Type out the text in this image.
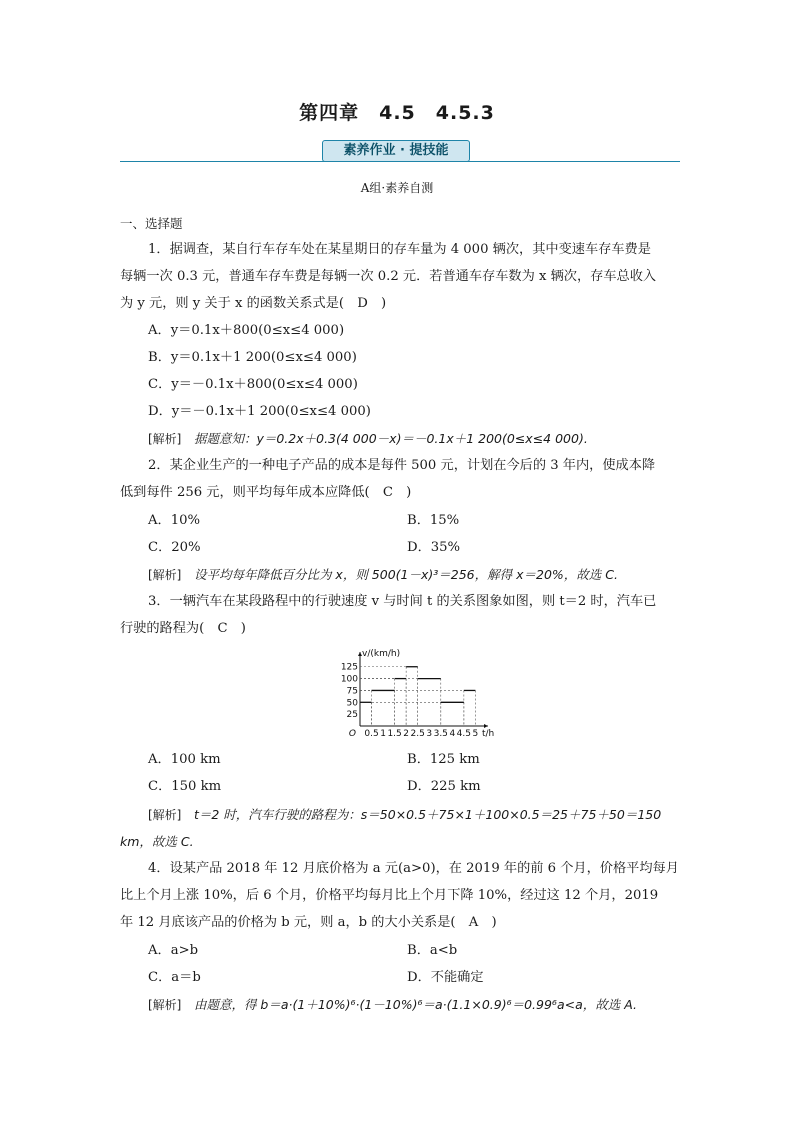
第四章　4.5　4.5.3
素养作业 · 提技能
A组·素养自测
一、选择题
1．据调查，某自行车存车处在某星期日的存车量为 4 000 辆次，其中变速车存车费是
每辆一次 0.3 元，普通车存车费是每辆一次 0.2 元．若普通车存车数为 x 辆次，存车总收入
为 y 元，则 y 关于 x 的函数关系式是(　D　)
A．y＝0.1x＋800(0≤x≤4 000)
B．y＝0.1x＋1 200(0≤x≤4 000)
C．y＝－0.1x＋800(0≤x≤4 000)
D．y＝－0.1x＋1 200(0≤x≤4 000)
[解析] 据题意知：y＝0.2x＋0.3(4 000－x)＝－0.1x＋1 200(0≤x≤4 000).
2．某企业生产的一种电子产品的成本是每件 500 元，计划在今后的 3 年内，使成本降
低到每件 256 元，则平均每年成本应降低(　C　)
A．10%	B．15%
C．20%	D．35%
[解析] 设平均每年降低百分比为 x，则 500(1－x)³＝256，解得 x＝20%，故选 C.
3．一辆汽车在某段路程中的行驶速度 v 与时间 t 的关系图象如图，则 t＝2 时，汽车已
行驶的路程为(　C　)
25
50
75
100
125
0.5 1 1.5 2 2.5 3 3.5 4 4.5 5
O
v/(km/h)
t/h
A．100 km	B．125 km
C．150 km	D．225 km
[解析] t＝2 时，汽车行驶的路程为：s＝50×0.5＋75×1＋100×0.5＝25＋75＋50＝150
km，故选 C.
4．设某产品 2018 年 12 月底价格为 a 元(a>0)，在 2019 年的前 6 个月，价格平均每月
比上个月上涨 10%，后 6 个月，价格平均每月比上个月下降 10%，经过这 12 个月，2019
年 12 月底该产品的价格为 b 元，则 a，b 的大小关系是(　A　)
A．a>b	B．a<b
C．a＝b	D．不能确定
[解析] 由题意，得 b＝a·(1＋10%)⁶·(1－10%)⁶＝a·(1.1×0.9)⁶＝0.99⁶a<a，故选 A.
